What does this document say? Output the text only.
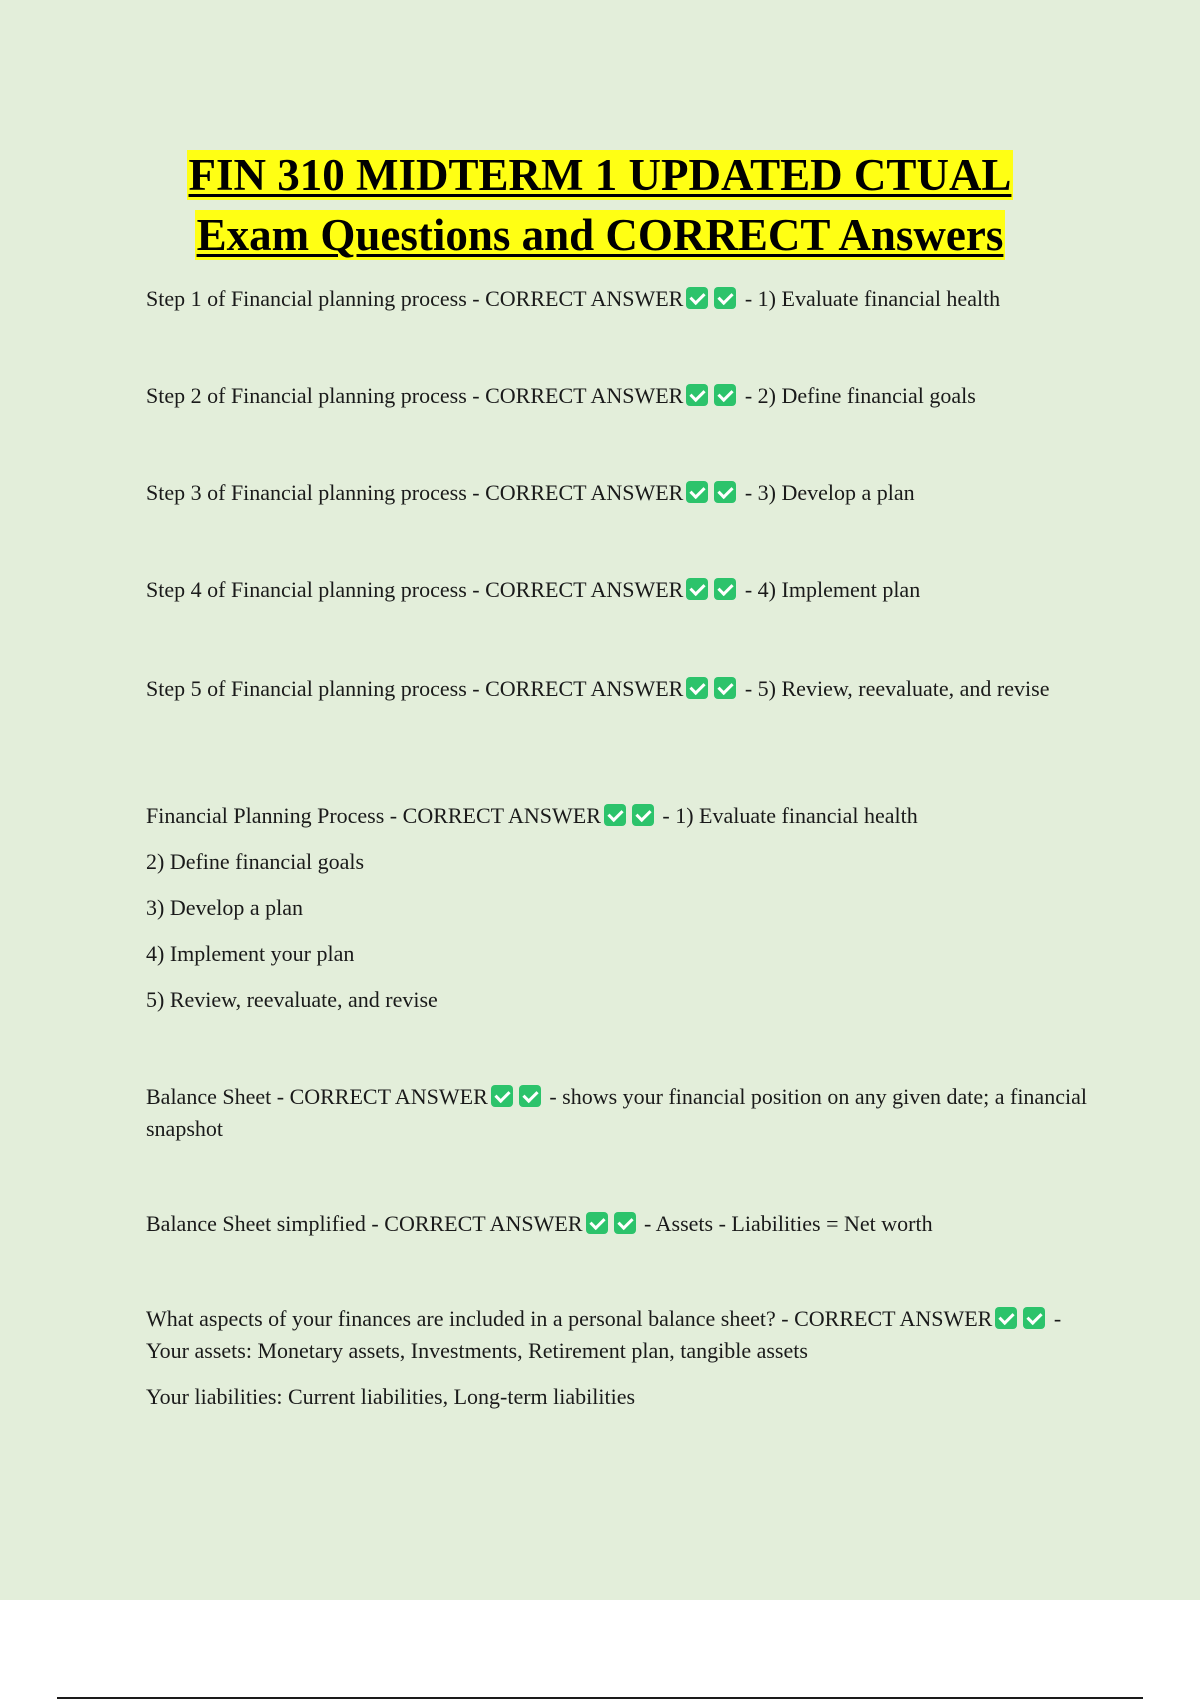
FIN 310 MIDTERM 1 UPDATED CTUAL
Exam Questions and CORRECT Answers
Step 1 of Financial planning process - CORRECT ANSWER	- 1) Evaluate financial health
Step 2 of Financial planning process - CORRECT ANSWER	- 2) Define financial goals
Step 3 of Financial planning process - CORRECT ANSWER	- 3) Develop a plan
Step 4 of Financial planning process - CORRECT ANSWER	- 4) Implement plan
Step 5 of Financial planning process - CORRECT ANSWER	- 5) Review, reevaluate, and revise
Financial Planning Process - CORRECT ANSWER	- 1) Evaluate financial health
2) Define financial goals
3) Develop a plan
4) Implement your plan
5) Review, reevaluate, and revise
Balance Sheet - CORRECT ANSWER	- shows your financial position on any given date; a financial snapshot
Balance Sheet simplified - CORRECT ANSWER	- Assets - Liabilities = Net worth
What aspects of your finances are included in a personal balance sheet? - CORRECT ANSWER	- Your assets: Monetary assets, Investments, Retirement plan, tangible assets
Your liabilities: Current liabilities, Long-term liabilities
